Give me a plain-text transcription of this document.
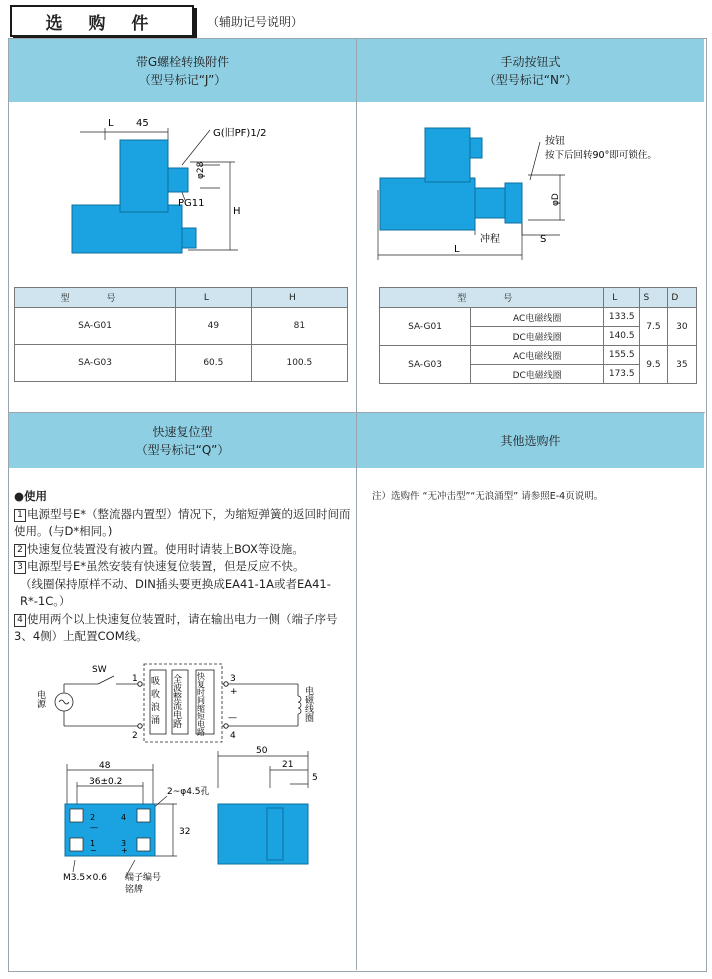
选 购 件	（辅助记号说明）
带G螺栓转换附件
（型号标记“J”）
手动按钮式
（型号标记“N”）
快速复位型
（型号标记“Q”）
其他选购件
L 45
G(旧PF)1/2
φ28
PG11
H
型　号	L	H
SA-G01	49	81
SA-G03	60.5	100.5
按钮
按下后回转90°即可锁住。
φD
冲程	S
L
型　号		L	S	D
SA-G01	AC电磁线圈	133.5	7.5	30
	DC电磁线圈	140.5		
SA-G03	AC电磁线圈	155.5	9.5	35
	DC电磁线圈	173.5		

●使用

1 电源型号E*（整流器内置型）情况下，为缩短弹簧的返回时间而使用。(与D*相同。)

2 快速复位装置没有被内置。使用时请装上BOX等设施。

3 电源型号E*虽然安装有快速复位装置，但是反应不快。

（线圈保持原样不动、DIN插头要更换成EA41-1A或者EA41-R*-1C。）

4 使用两个以上快速复位装置时，请在输出电力一侧（端子序号3、4侧）上配置COM线。

电源
SW
1
2
3
4
+
—
吸收浪涌 全波整流电路 快复时间缩短电路	电磁线圈
48
36±0.2
2~φ4.5孔
32
2
—
4
1
~
3
+
M3.5×0.6 端子编号
铭牌
50
21
5
注）选购件 “无冲击型”“无浪涌型” 请参照E-4页说明。
